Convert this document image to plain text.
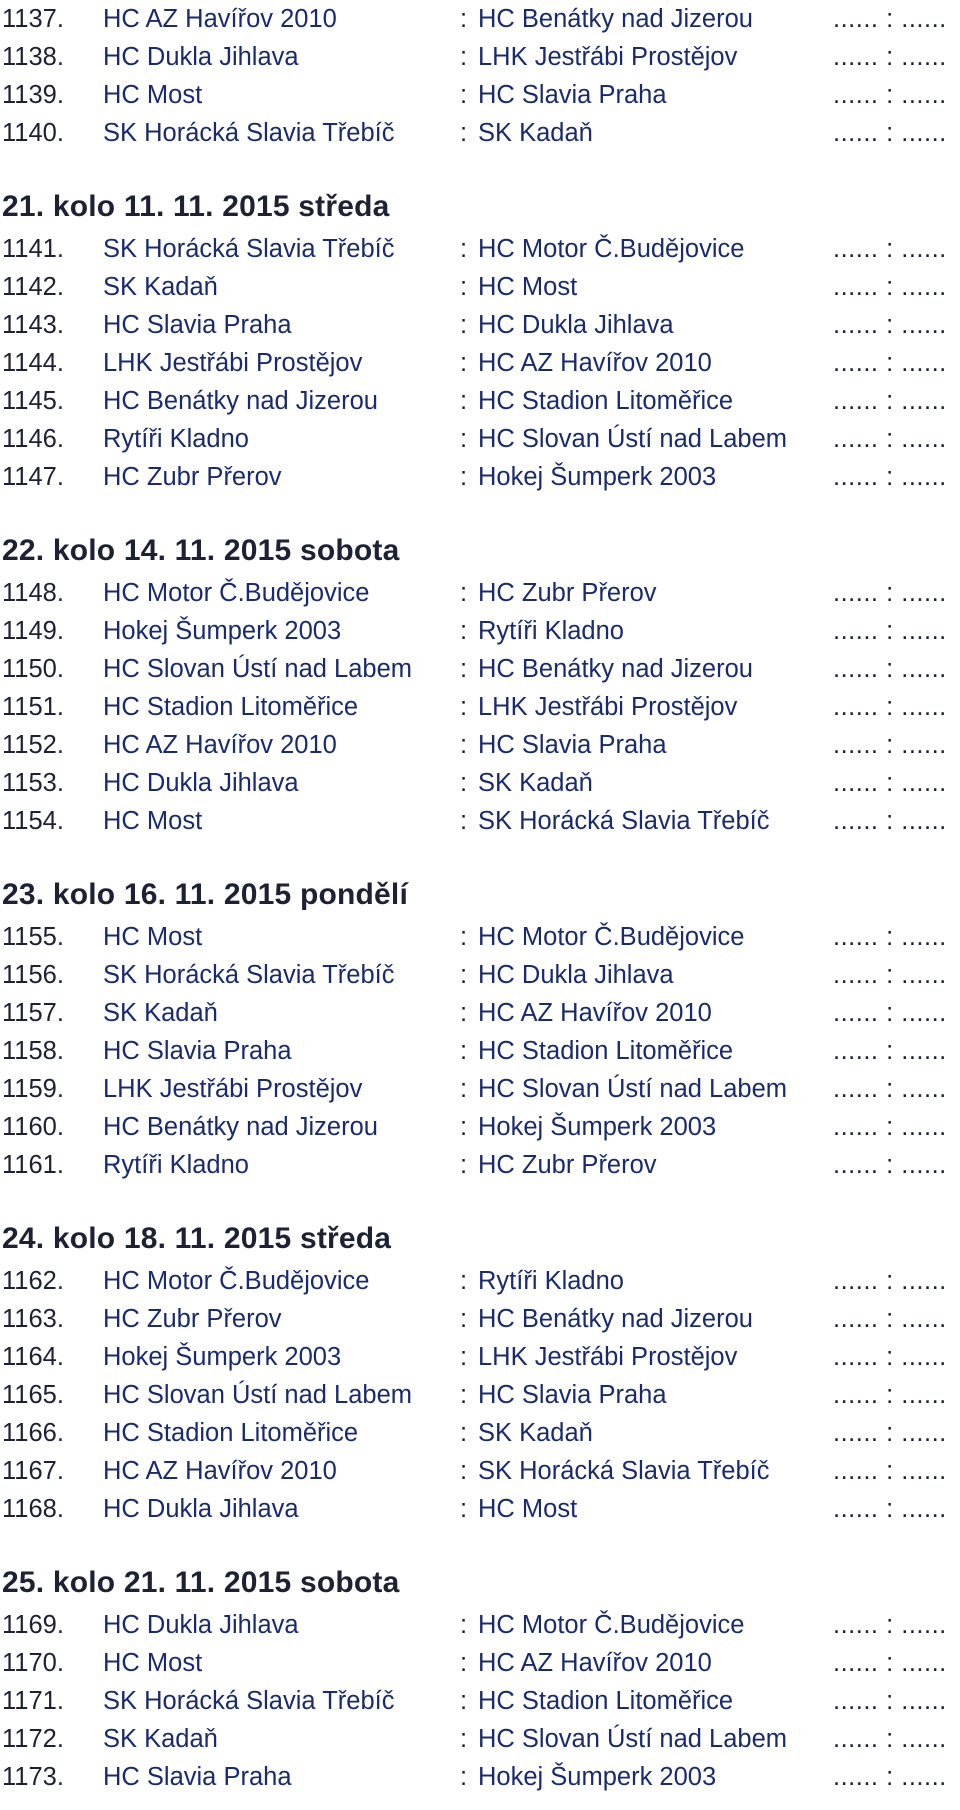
1137. HC AZ Havířov 2010	: HC Benátky nad Jizerou	...... : ......
1138. HC Dukla Jihlava	: LHK Jestřábi Prostějov	...... : ......
1139. HC Most	: HC Slavia Praha	...... : ......
1140. SK Horácká Slavia Třebíč	: SK Kadaň	...... : ......
21. kolo 11. 11. 2015 středa
1141. SK Horácká Slavia Třebíč	: HC Motor Č.Budějovice	...... : ......
1142. SK Kadaň	: HC Most	...... : ......
1143. HC Slavia Praha	: HC Dukla Jihlava	...... : ......
1144. LHK Jestřábi Prostějov	: HC AZ Havířov 2010	...... : ......
1145. HC Benátky nad Jizerou	: HC Stadion Litoměřice	...... : ......
1146. Rytíři Kladno	: HC Slovan Ústí nad Labem ...... : ......
1147. HC Zubr Přerov	: Hokej Šumperk 2003	...... : ......
22. kolo 14. 11. 2015 sobota
1148. HC Motor Č.Budějovice	: HC Zubr Přerov	...... : ......
1149. Hokej Šumperk 2003	: Rytíři Kladno	...... : ......
1150. HC Slovan Ústí nad Labem : HC Benátky nad Jizerou	...... : ......
1151. HC Stadion Litoměřice	: LHK Jestřábi Prostějov	...... : ......
1152. HC AZ Havířov 2010	: HC Slavia Praha	...... : ......
1153. HC Dukla Jihlava	: SK Kadaň	...... : ......
1154. HC Most	: SK Horácká Slavia Třebíč ...... : ......
23. kolo 16. 11. 2015 pondělí
1155. HC Most	: HC Motor Č.Budějovice	...... : ......
1156. SK Horácká Slavia Třebíč	: HC Dukla Jihlava	...... : ......
1157. SK Kadaň	: HC AZ Havířov 2010	...... : ......
1158. HC Slavia Praha	: HC Stadion Litoměřice	...... : ......
1159. LHK Jestřábi Prostějov	: HC Slovan Ústí nad Labem ...... : ......
1160. HC Benátky nad Jizerou	: Hokej Šumperk 2003	...... : ......
1161. Rytíři Kladno	: HC Zubr Přerov	...... : ......
24. kolo 18. 11. 2015 středa
1162. HC Motor Č.Budějovice	: Rytíři Kladno	...... : ......
1163. HC Zubr Přerov	: HC Benátky nad Jizerou	...... : ......
1164. Hokej Šumperk 2003	: LHK Jestřábi Prostějov	...... : ......
1165. HC Slovan Ústí nad Labem : HC Slavia Praha	...... : ......
1166. HC Stadion Litoměřice	: SK Kadaň	...... : ......
1167. HC AZ Havířov 2010	: SK Horácká Slavia Třebíč ...... : ......
1168. HC Dukla Jihlava	: HC Most	...... : ......
25. kolo 21. 11. 2015 sobota
1169. HC Dukla Jihlava	: HC Motor Č.Budějovice	...... : ......
1170. HC Most	: HC AZ Havířov 2010	...... : ......
1171. SK Horácká Slavia Třebíč	: HC Stadion Litoměřice	...... : ......
1172. SK Kadaň	: HC Slovan Ústí nad Labem ...... : ......
1173. HC Slavia Praha	: Hokej Šumperk 2003	...... : ......
